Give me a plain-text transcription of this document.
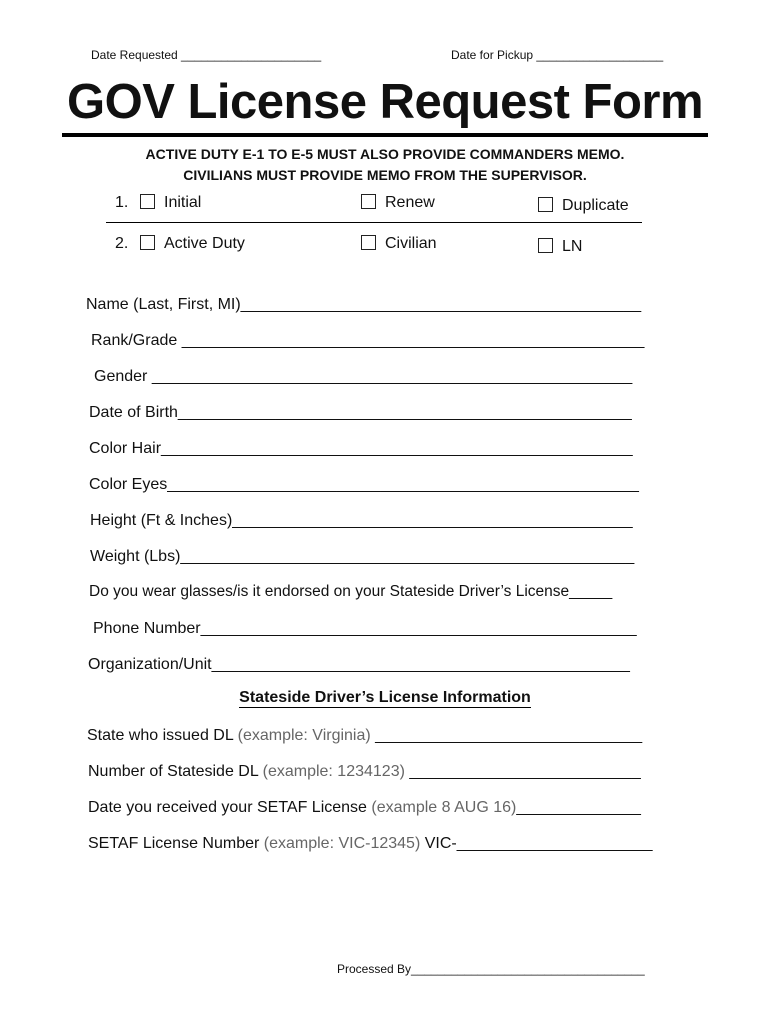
Date Requested _____________________	Date for Pickup ___________________
GOV License Request Form
ACTIVE DUTY E-1 TO E-5 MUST ALSO PROVIDE COMMANDERS MEMO.
CIVILIANS MUST PROVIDE MEMO FROM THE SUPERVISOR.
1.	Initial	Renew	Duplicate
2.	Active Duty	Civilian	LN
Name (Last, First, MI)_____________________________________________
Rank/Grade ____________________________________________________
Gender ______________________________________________________
Date of Birth___________________________________________________
Color Hair_____________________________________________________
Color Eyes_____________________________________________________
Height (Ft & Inches)_____________________________________________
Weight (Lbs)___________________________________________________
Do you wear glasses/is it endorsed on your Stateside Driver’s License_____
Phone Number_________________________________________________
Organization/Unit_______________________________________________
Stateside Driver’s License Information
State who issued DL (example: Virginia) ______________________________
Number of Stateside DL (example: 1234123) __________________________
Date you received your SETAF License (example 8 AUG 16)______________
SETAF License Number (example: VIC-12345) VIC-______________________
Processed By___________________________________
